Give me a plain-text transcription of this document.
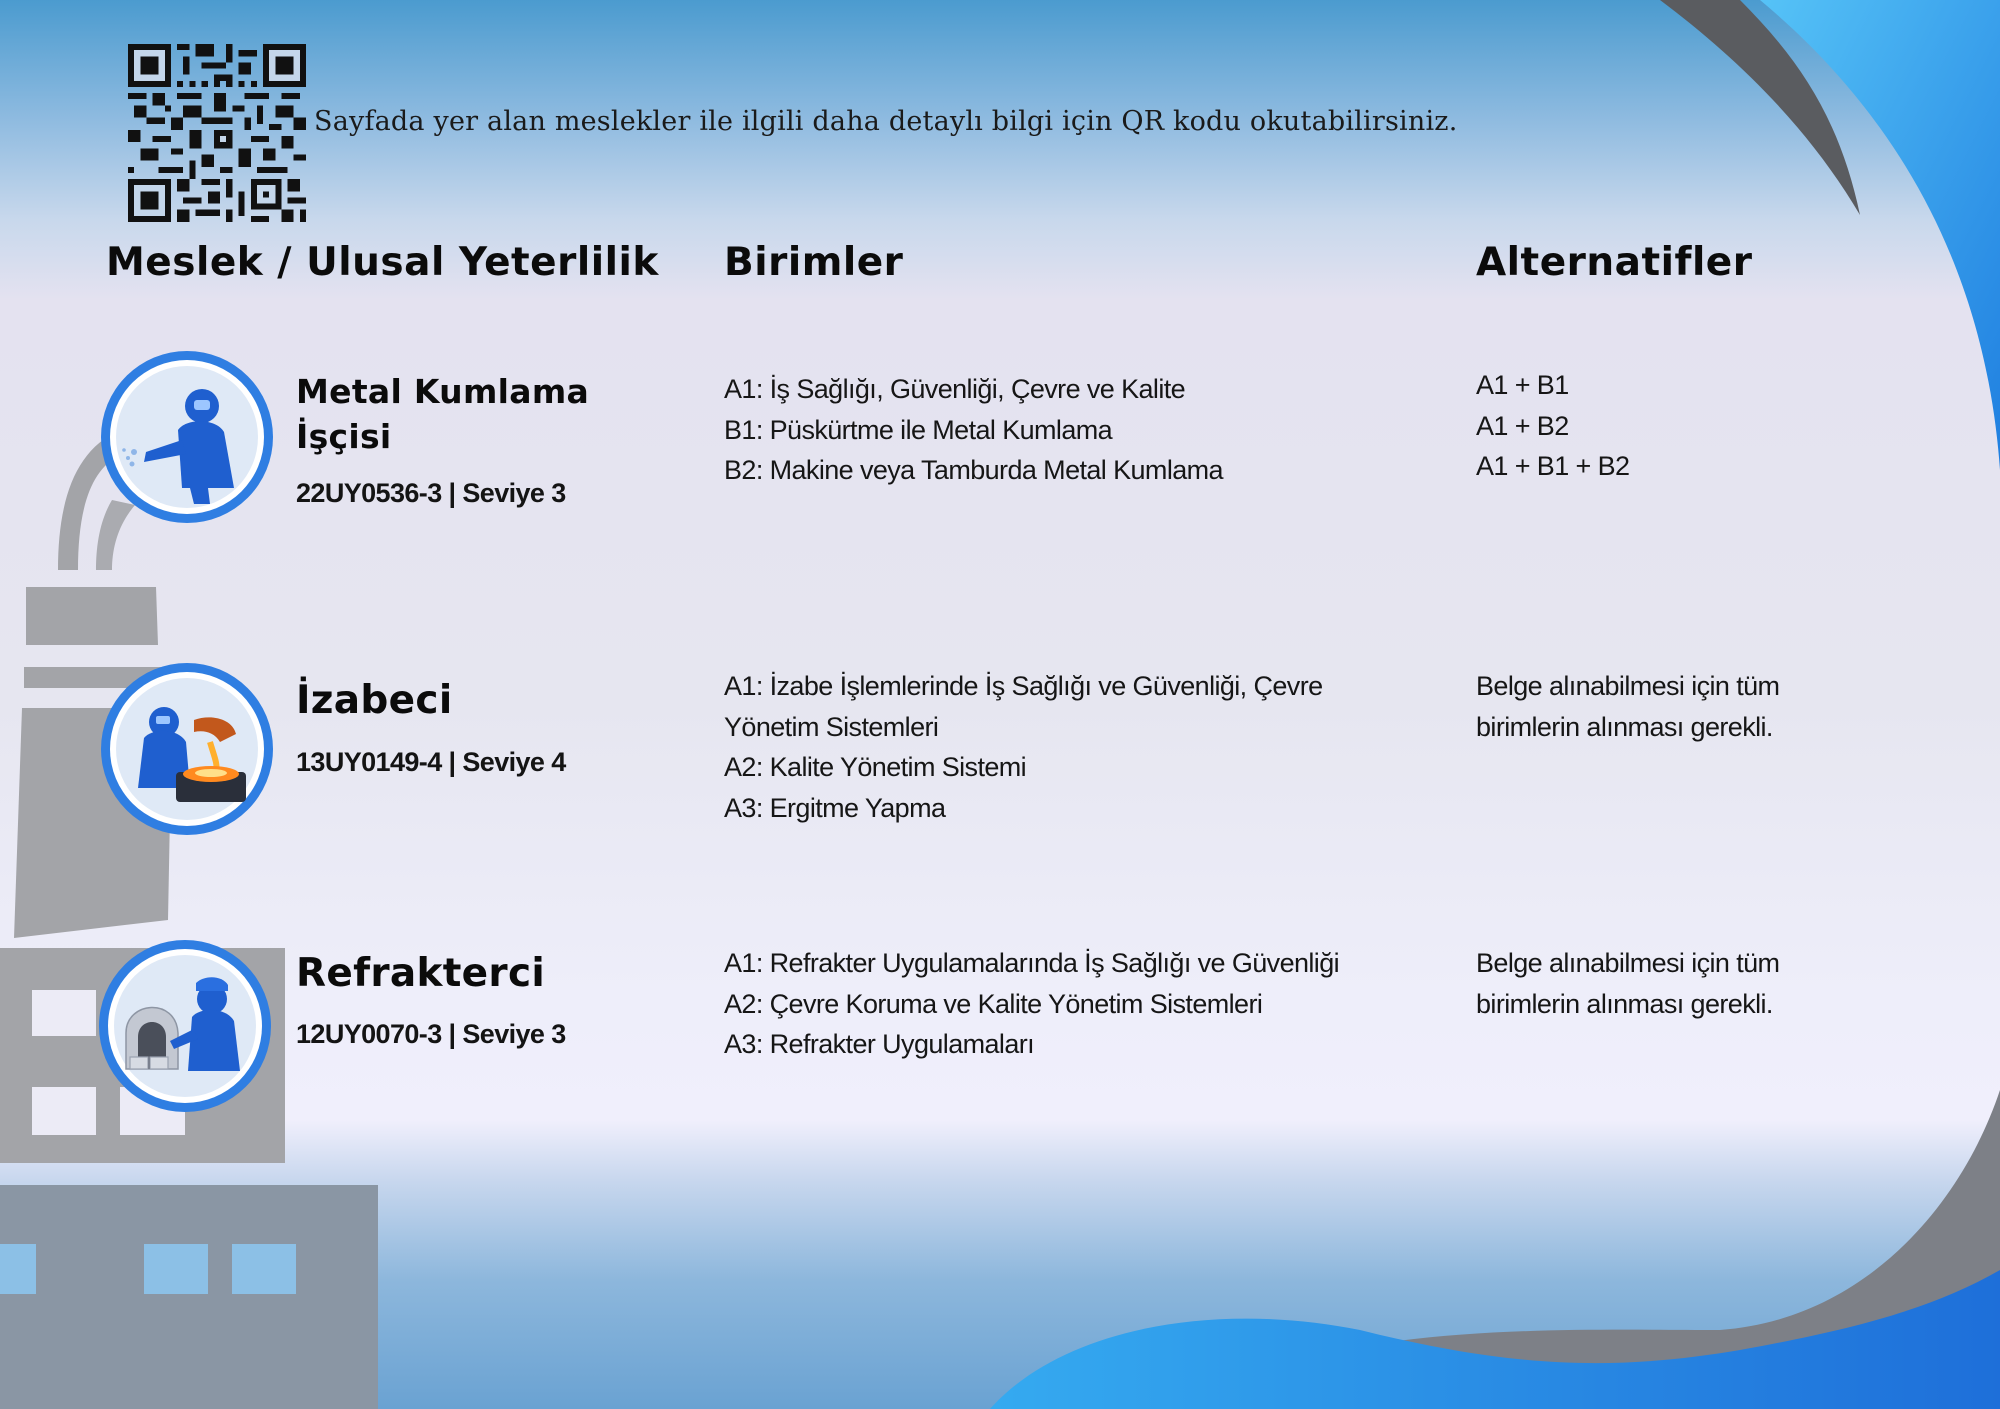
Sayfada yer alan meslekler ile ilgili daha detaylı bilgi için QR kodu okutabilirsiniz.
Meslek / Ulusal Yeterlilik Birimler	Alternatifler
Metal Kumlama
İşçisi
22UY0536-3 | Seviye 3
A1: İş Sağlığı, Güvenliği, Çevre ve Kalite
B1: Püskürtme ile Metal Kumlama
B2: Makine veya Tamburda Metal Kumlama
A1 + B1
A1 + B2
A1 + B1 + B2
İzabeci
13UY0149-4 | Seviye 4
A1: İzabe İşlemlerinde İş Sağlığı ve Güvenliği, Çevre
Yönetim Sistemleri
A2: Kalite Yönetim Sistemi
A3: Ergitme Yapma
Belge alınabilmesi için tüm
birimlerin alınması gerekli.
Refrakterci
12UY0070-3 | Seviye 3
A1: Refrakter Uygulamalarında İş Sağlığı ve Güvenliği
A2: Çevre Koruma ve Kalite Yönetim Sistemleri
A3: Refrakter Uygulamaları
Belge alınabilmesi için tüm
birimlerin alınması gerekli.
